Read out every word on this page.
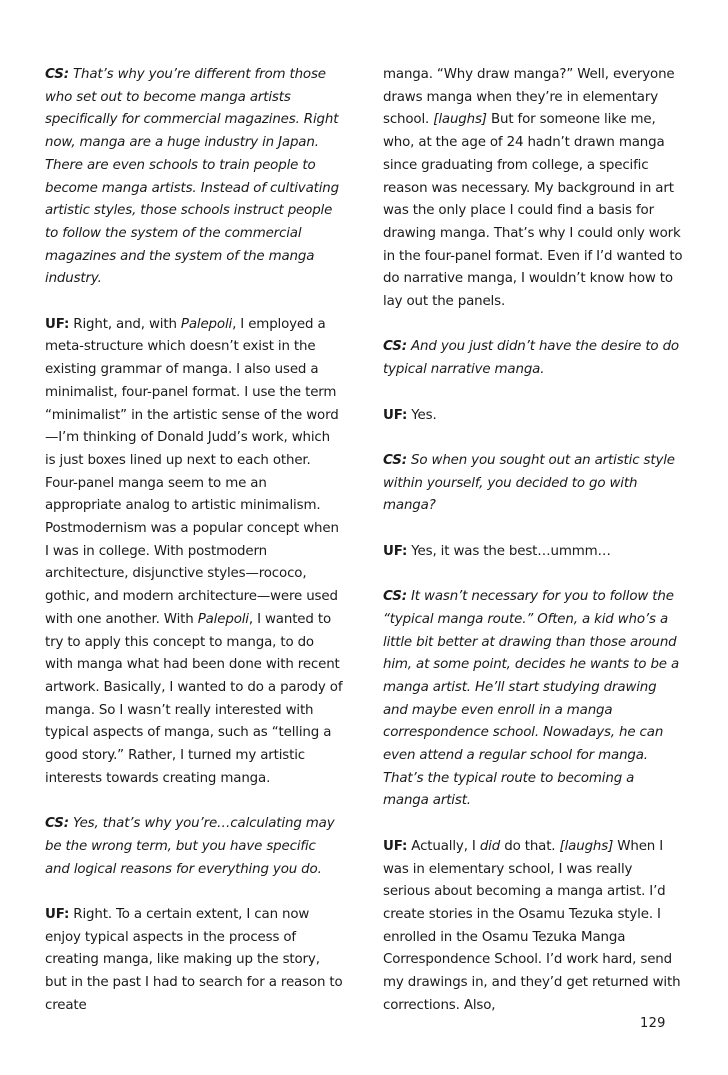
CS: That’s why you’re different from those who set out to become manga artists specifically for commercial magazines. Right now, manga are a huge industry in Japan. There are even schools to train people to become manga artists. Instead of cultivating artistic styles, those schools instruct people to follow the system of the commercial magazines and the system of the manga industry.

UF: Right, and, with Palepoli, I employed a meta-structure which doesn’t exist in the existing grammar of manga. I also used a minimalist, four-panel format. I use the term “minimalist” in the artistic sense of the word—I’m thinking of Donald Judd’s work, which is just boxes lined up next to each other. Four-panel manga seem to me an appropriate analog to artistic minimalism. Postmodernism was a popular concept when I was in college. With postmodern architecture, disjunctive styles—rococo, gothic, and modern architecture—were used with one another. With Palepoli, I wanted to try to apply this concept to manga, to do with manga what had been done with recent artwork. Basically, I wanted to do a parody of manga. So I wasn’t really interested with typical aspects of manga, such as “telling a good story.” Rather, I turned my artistic interests towards creating manga.

CS: Yes, that’s why you’re…calculating may be the wrong term, but you have specific and logical reasons for everything you do.

UF: Right. To a certain extent, I can now enjoy typical aspects in the process of creating manga, like making up the story, but in the past I had to search for a reason to create

manga. “Why draw manga?” Well, everyone draws manga when they’re in elementary school. [laughs] But for someone like me, who, at the age of 24 hadn’t drawn manga since graduating from college, a specific reason was necessary. My background in art was the only place I could find a basis for drawing manga. That’s why I could only work in the four-panel format. Even if I’d wanted to do narrative manga, I wouldn’t know how to lay out the panels.

CS: And you just didn’t have the desire to do typical narrative manga.

UF: Yes.

CS: So when you sought out an artistic style within yourself, you decided to go with manga?

UF: Yes, it was the best…ummm…

CS: It wasn’t necessary for you to follow the “typical manga route.” Often, a kid who’s a little bit better at drawing than those around him, at some point, decides he wants to be a manga artist. He’ll start studying drawing and maybe even enroll in a manga correspondence school. Nowadays, he can even attend a regular school for manga. That’s the typical route to becoming a manga artist.

UF: Actually, I did do that. [laughs] When I was in elementary school, I was really serious about becoming a manga artist. I’d create stories in the Osamu Tezuka style. I enrolled in the Osamu Tezuka Manga Correspondence School. I’d work hard, send my drawings in, and they’d get returned with corrections. Also,

129
